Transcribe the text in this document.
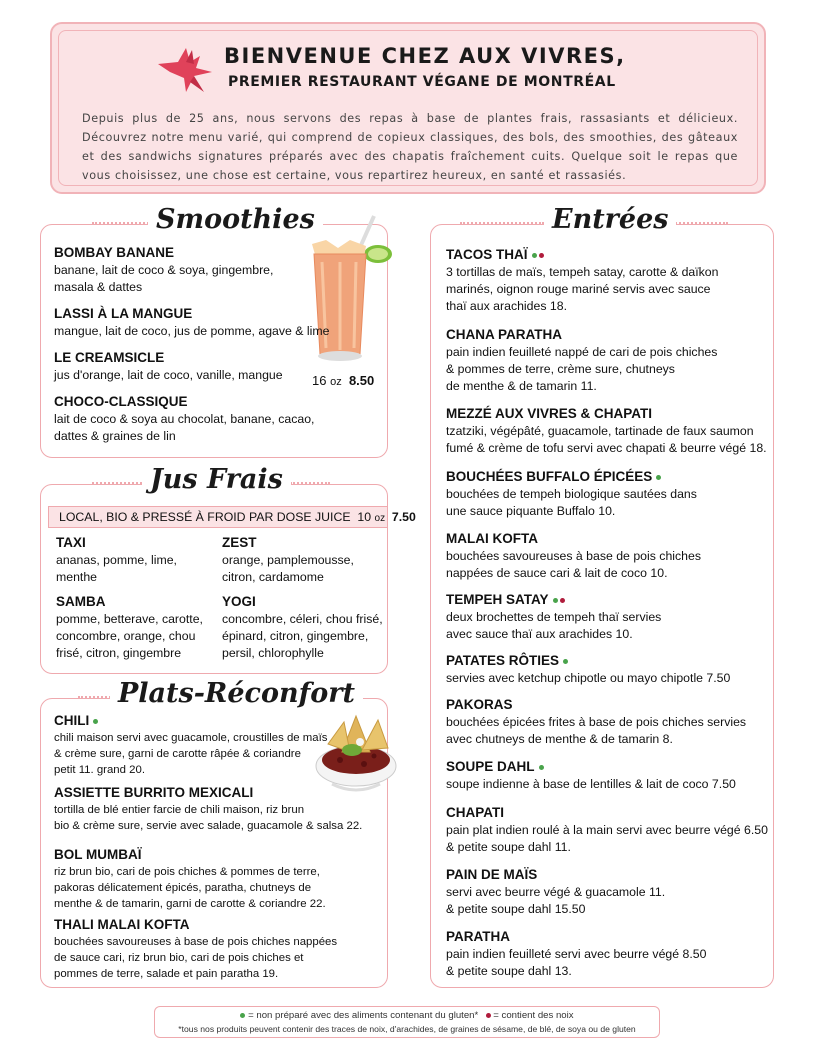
BIENVENUE CHEZ AUX VIVRES,
PREMIER RESTAURANT VÉGANE DE MONTRÉAL
Depuis plus de 25 ans, nous servons des repas à base de plantes frais, rassasiants et délicieux. Découvrez notre menu varié, qui comprend de copieux classiques, des bols, des smoothies, des gâteaux et des sandwichs signatures préparés avec des chapatis fraîchement cuits. Quelque soit le repas que vous choisissez, une chose est certaine, vous repartirez heureux, en santé et rassasiés.
Smoothies
16 oz 8.50
BOMBAY BANANE
banane, lait de coco & soya, gingembre,
masala & dattes
LASSI À LA MANGUE
mangue, lait de coco, jus de pomme, agave & lime
LE CREAMSICLE
jus d'orange, lait de coco, vanille, mangue
CHOCO-CLASSIQUE
lait de coco & soya au chocolat, banane, cacao,
dattes & graines de lin
Jus Frais
LOCAL, BIO & PRESSÉ À FROID PAR DOSE JUICE 10 oz 7.50
TAXI
ananas, pomme, lime,
menthe
ZEST
orange, pamplemousse,
citron, cardamome
SAMBA
pomme, betterave, carotte,
concombre, orange, chou
frisé, citron, gingembre
YOGI
concombre, céleri, chou frisé,
épinard, citron, gingembre,
persil, chlorophylle
Plats-Réconfort
CHILI
chili maison servi avec guacamole, croustilles de maïs
& crème sure, garni de carotte râpée & coriandre
petit 11. grand 20.
ASSIETTE BURRITO MEXICALI
tortilla de blé entier farcie de chili maison, riz brun
bio & crème sure, servie avec salade, guacamole & salsa 22.
BOL MUMBAÏ
riz brun bio, cari de pois chiches & pommes de terre,
pakoras délicatement épicés, paratha, chutneys de
menthe & de tamarin, garni de carotte & coriandre 22.
THALI MALAI KOFTA
bouchées savoureuses à base de pois chiches nappées
de sauce cari, riz brun bio, cari de pois chiches et
pommes de terre, salade et pain paratha 19.
Entrées
TACOS THAÏ
3 tortillas de maïs, tempeh satay, carotte & daïkon
marinés, oignon rouge mariné servis avec sauce
thaï aux arachides 18.
CHANA PARATHA
pain indien feuilleté nappé de cari de pois chiches
& pommes de terre, crème sure, chutneys
de menthe & de tamarin 11.
MEZZÉ AUX VIVRES & CHAPATI
tzatziki, végépâté, guacamole, tartinade de faux saumon
fumé & crème de tofu servi avec chapati & beurre végé 18.
BOUCHÉES BUFFALO ÉPICÉES
bouchées de tempeh biologique sautées dans
une sauce piquante Buffalo 10.
MALAI KOFTA
bouchées savoureuses à base de pois chiches
nappées de sauce cari & lait de coco 10.
TEMPEH SATAY
deux brochettes de tempeh thaï servies
avec sauce thaï aux arachides 10.
PATATES RÔTIES
servies avec ketchup chipotle ou mayo chipotle 7.50
PAKORAS
bouchées épicées frites à base de pois chiches servies
avec chutneys de menthe & de tamarin 8.
SOUPE DAHL
soupe indienne à base de lentilles & lait de coco 7.50
CHAPATI
pain plat indien roulé à la main servi avec beurre végé 6.50
& petite soupe dahl 11.
PAIN DE MAÏS
servi avec beurre végé & guacamole 11.
& petite soupe dahl 15.50
PARATHA
pain indien feuilleté servi avec beurre végé 8.50
& petite soupe dahl 13.
= non préparé avec des aliments contenant du gluten* = contient des noix
*tous nos produits peuvent contenir des traces de noix, d'arachides, de graines de sésame, de blé, de soya ou de gluten
